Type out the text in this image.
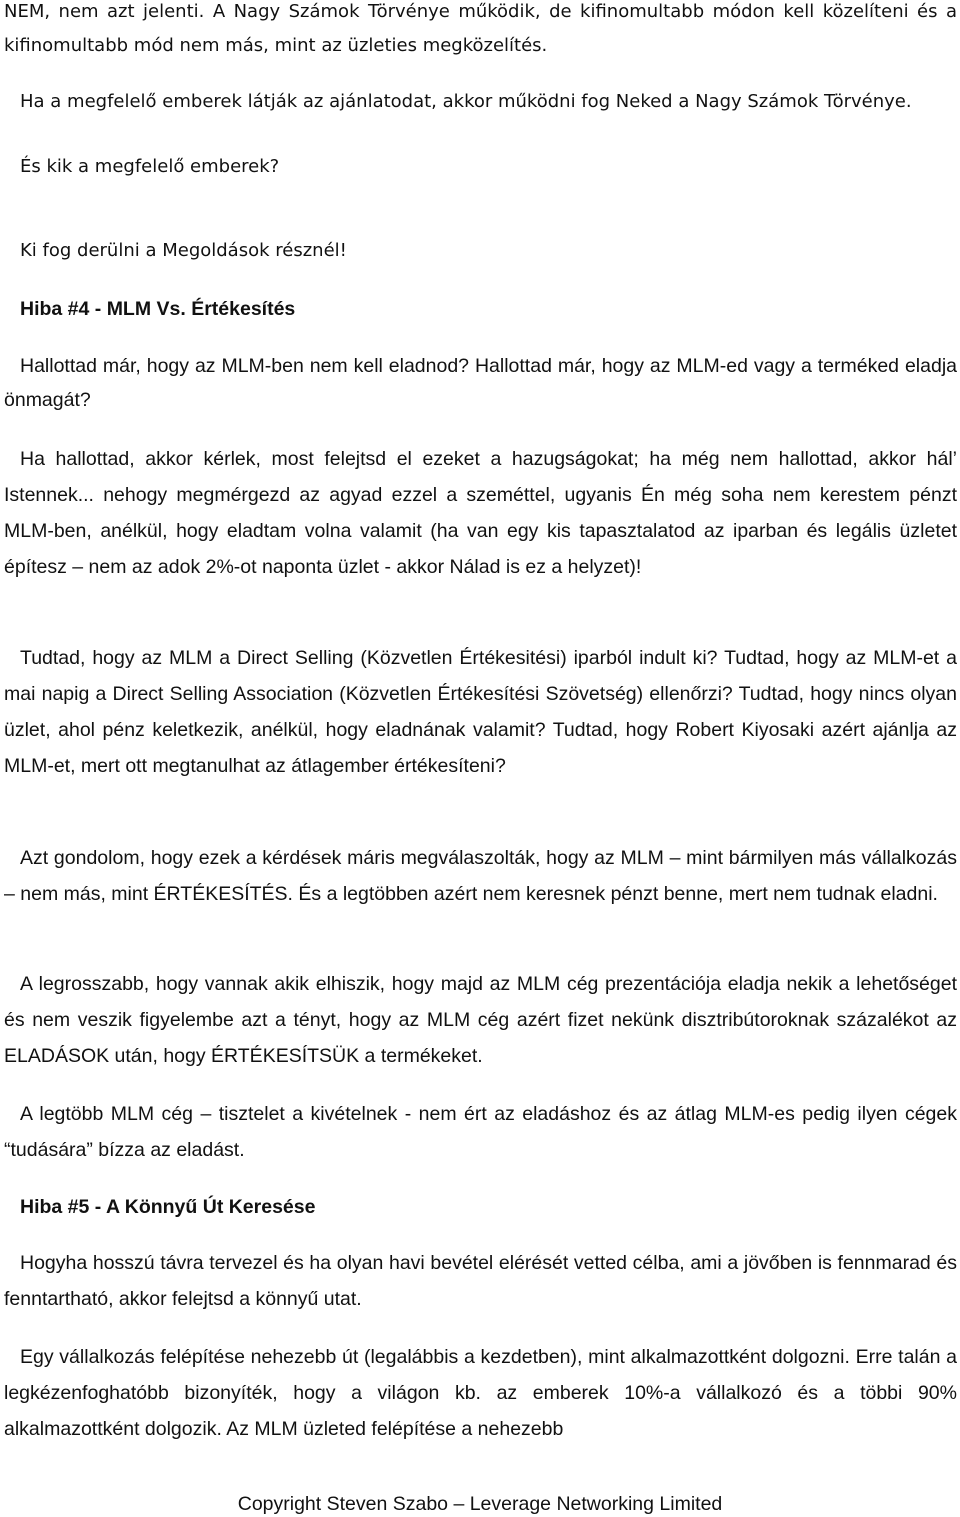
NEM, nem azt jelenti. A Nagy Számok Törvénye működik, de kifinomultabb módon kell közelíteni és a kifinomultabb mód nem más, mint az üzleties megközelítés.

Ha a megfelelő emberek látják az ajánlatodat, akkor működni fog Neked a Nagy Számok Törvénye.

És kik a megfelelő emberek?

Ki fog derülni a Megoldások résznél!

Hiba #4 - MLM Vs. Értékesítés

Hallottad már, hogy az MLM-ben nem kell eladnod? Hallottad már, hogy az MLM-ed vagy a terméked eladja önmagát?

Ha hallottad, akkor kérlek, most felejtsd el ezeket a hazugságokat; ha még nem hallottad, akkor hál’ Istennek... nehogy megmérgezd az agyad ezzel a szeméttel, ugyanis Én még soha nem kerestem pénzt MLM-ben, anélkül, hogy eladtam volna valamit (ha van egy kis tapasztalatod az iparban és legális üzletet építesz – nem az adok 2%-ot naponta üzlet - akkor Nálad is ez a helyzet)!

Tudtad, hogy az MLM a Direct Selling (Közvetlen Értékesitési) iparból indult ki? Tudtad, hogy az MLM-et a mai napig a Direct Selling Association (Közvetlen Értékesítési Szövetség) ellenőrzi? Tudtad, hogy nincs olyan üzlet, ahol pénz keletkezik, anélkül, hogy eladnának valamit? Tudtad, hogy Robert Kiyosaki azért ajánlja az MLM-et, mert ott megtanulhat az átlagember értékesíteni?

Azt gondolom, hogy ezek a kérdések máris megválaszolták, hogy az MLM – mint bármilyen más vállalkozás – nem más, mint ÉRTÉKESÍTÉS. És a legtöbben azért nem keresnek pénzt benne, mert nem tudnak eladni.

A legrosszabb, hogy vannak akik elhiszik, hogy majd az MLM cég prezentációja eladja nekik a lehetőséget és nem veszik figyelembe azt a tényt, hogy az MLM cég azért fizet nekünk disztribútoroknak százalékot az ELADÁSOK után, hogy ÉRTÉKESÍTSÜK a termékeket.

A legtöbb MLM cég – tisztelet a kivételnek - nem ért az eladáshoz és az átlag MLM-es pedig ilyen cégek “tudására” bízza az eladást.

Hiba #5 - A Könnyű Út Keresése

Hogyha hosszú távra tervezel és ha olyan havi bevétel elérését vetted célba, ami a jövőben is fennmarad és fenntartható, akkor felejtsd a könnyű utat.

Egy vállalkozás felépítése nehezebb út (legalábbis a kezdetben), mint alkalmazottként dolgozni. Erre talán a legkézenfoghatóbb bizonyíték, hogy a világon kb. az emberek 10%-a vállalkozó és a többi 90% alkalmazottként dolgozik. Az MLM üzleted felépítése a nehezebb

Copyright Steven Szabo – Leverage Networking Limited
